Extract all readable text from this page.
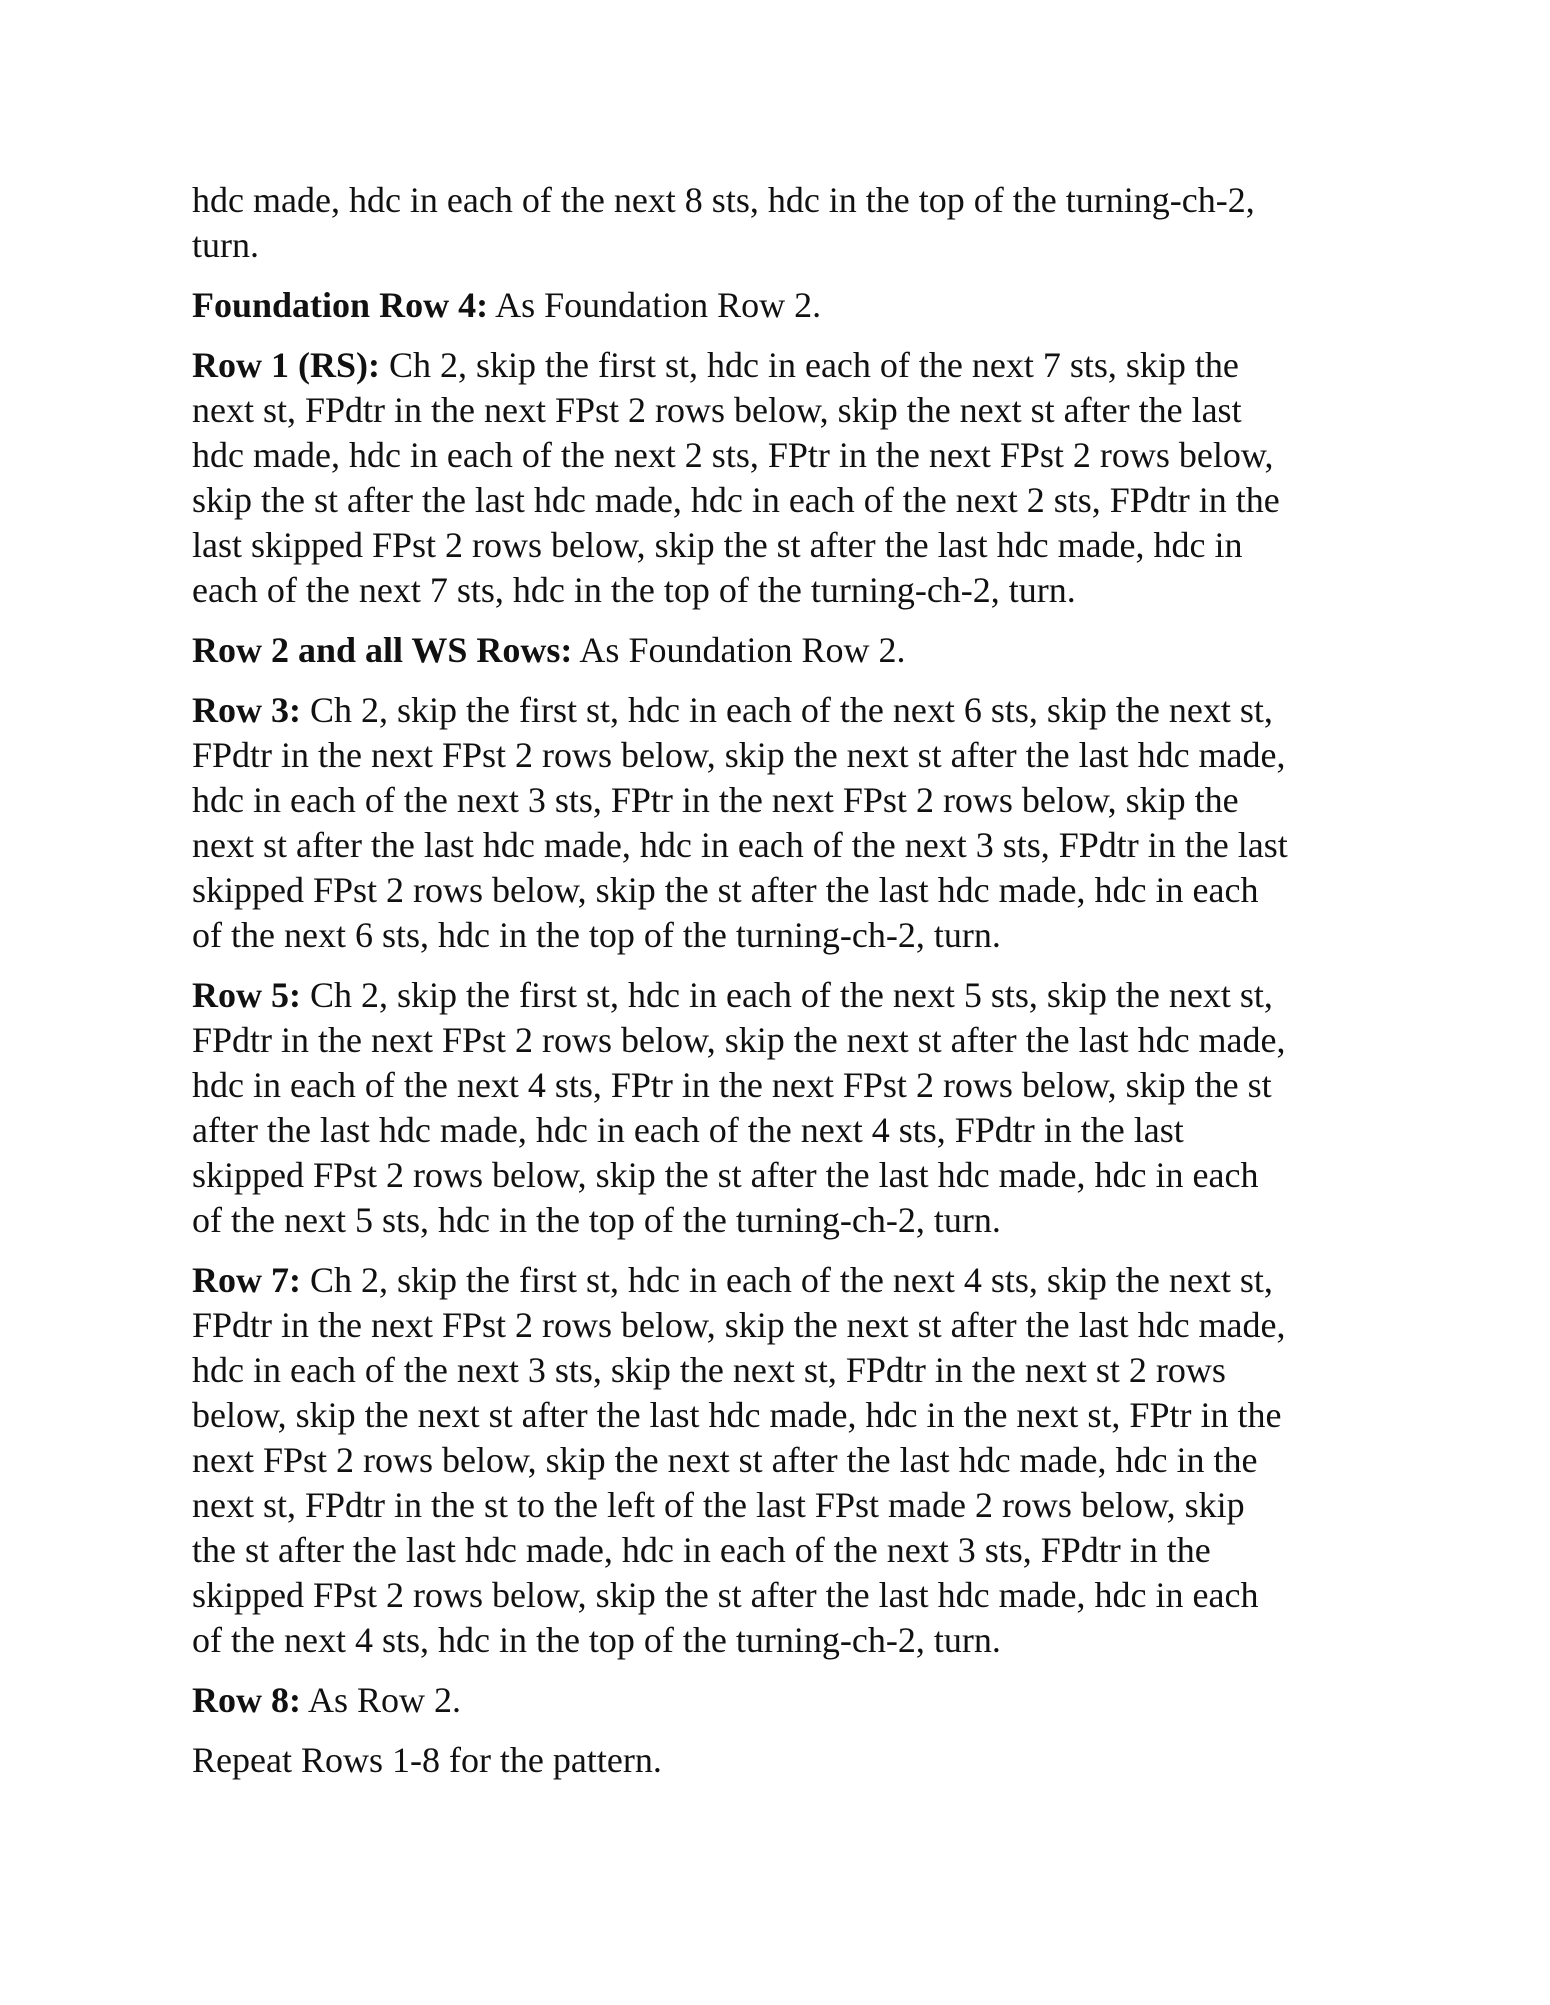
hdc made, hdc in each of the next 8 sts, hdc in the top of the turning-ch-2,
turn.

Foundation Row 4: As Foundation Row 2.

Row 1 (RS): Ch 2, skip the first st, hdc in each of the next 7 sts, skip the
next st, FPdtr in the next FPst 2 rows below, skip the next st after the last
hdc made, hdc in each of the next 2 sts, FPtr in the next FPst 2 rows below,
skip the st after the last hdc made, hdc in each of the next 2 sts, FPdtr in the
last skipped FPst 2 rows below, skip the st after the last hdc made, hdc in
each of the next 7 sts, hdc in the top of the turning-ch-2, turn.

Row 2 and all WS Rows: As Foundation Row 2.

Row 3: Ch 2, skip the first st, hdc in each of the next 6 sts, skip the next st,
FPdtr in the next FPst 2 rows below, skip the next st after the last hdc made,
hdc in each of the next 3 sts, FPtr in the next FPst 2 rows below, skip the
next st after the last hdc made, hdc in each of the next 3 sts, FPdtr in the last
skipped FPst 2 rows below, skip the st after the last hdc made, hdc in each
of the next 6 sts, hdc in the top of the turning-ch-2, turn.

Row 5: Ch 2, skip the first st, hdc in each of the next 5 sts, skip the next st,
FPdtr in the next FPst 2 rows below, skip the next st after the last hdc made,
hdc in each of the next 4 sts, FPtr in the next FPst 2 rows below, skip the st
after the last hdc made, hdc in each of the next 4 sts, FPdtr in the last
skipped FPst 2 rows below, skip the st after the last hdc made, hdc in each
of the next 5 sts, hdc in the top of the turning-ch-2, turn.

Row 7: Ch 2, skip the first st, hdc in each of the next 4 sts, skip the next st,
FPdtr in the next FPst 2 rows below, skip the next st after the last hdc made,
hdc in each of the next 3 sts, skip the next st, FPdtr in the next st 2 rows
below, skip the next st after the last hdc made, hdc in the next st, FPtr in the
next FPst 2 rows below, skip the next st after the last hdc made, hdc in the
next st, FPdtr in the st to the left of the last FPst made 2 rows below, skip
the st after the last hdc made, hdc in each of the next 3 sts, FPdtr in the
skipped FPst 2 rows below, skip the st after the last hdc made, hdc in each
of the next 4 sts, hdc in the top of the turning-ch-2, turn.

Row 8: As Row 2.

Repeat Rows 1-8 for the pattern.
